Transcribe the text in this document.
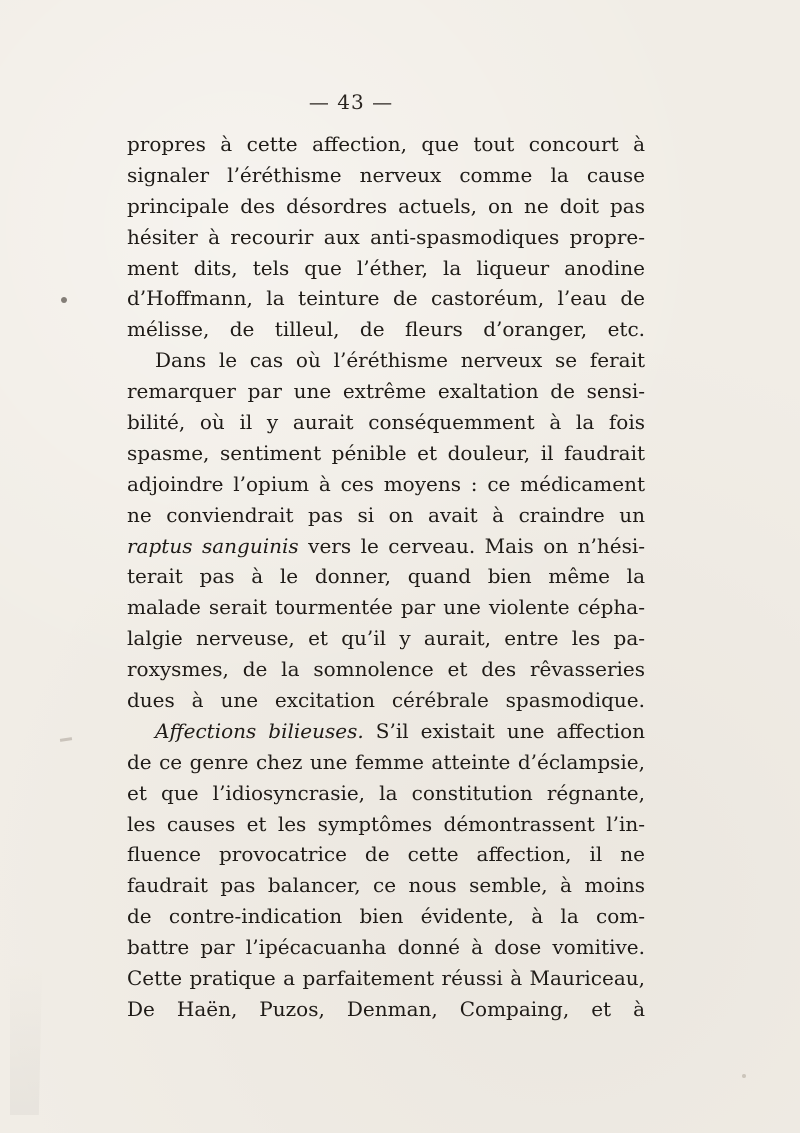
— 43 —
propres à cette affection, que tout concourt à
signaler l’éréthisme nerveux comme la cause
principale des désordres actuels, on ne doit pas
hésiter à recourir aux anti-spasmodiques propre-
ment dits, tels que l’éther, la liqueur anodine
d’Hoffmann, la teinture de castoréum, l’eau de
mélisse, de tilleul, de fleurs d’oranger, etc.
Dans le cas où l’éréthisme nerveux se ferait
remarquer par une extrême exaltation de sensi-
bilité, où il y aurait conséquemment à la fois
spasme, sentiment pénible et douleur, il faudrait
adjoindre l’opium à ces moyens : ce médicament
ne conviendrait pas si on avait à craindre un
raptus sanguinis vers le cerveau. Mais on n’hési-
terait pas à le donner, quand bien même la
malade serait tourmentée par une violente cépha-
lalgie nerveuse, et qu’il y aurait, entre les pa-
roxysmes, de la somnolence et des rêvasseries
dues à une excitation cérébrale spasmodique.
Affections bilieuses. S’il existait une affection
de ce genre chez une femme atteinte d’éclampsie,
et que l’idiosyncrasie, la constitution régnante,
les causes et les symptômes démontrassent l’in-
fluence provocatrice de cette affection, il ne
faudrait pas balancer, ce nous semble, à moins
de contre-indication bien évidente, à la com-
battre par l’ipécacuanha donné à dose vomitive.
Cette pratique a parfaitement réussi à Mauriceau,
De Haën, Puzos, Denman, Compaing, et à
